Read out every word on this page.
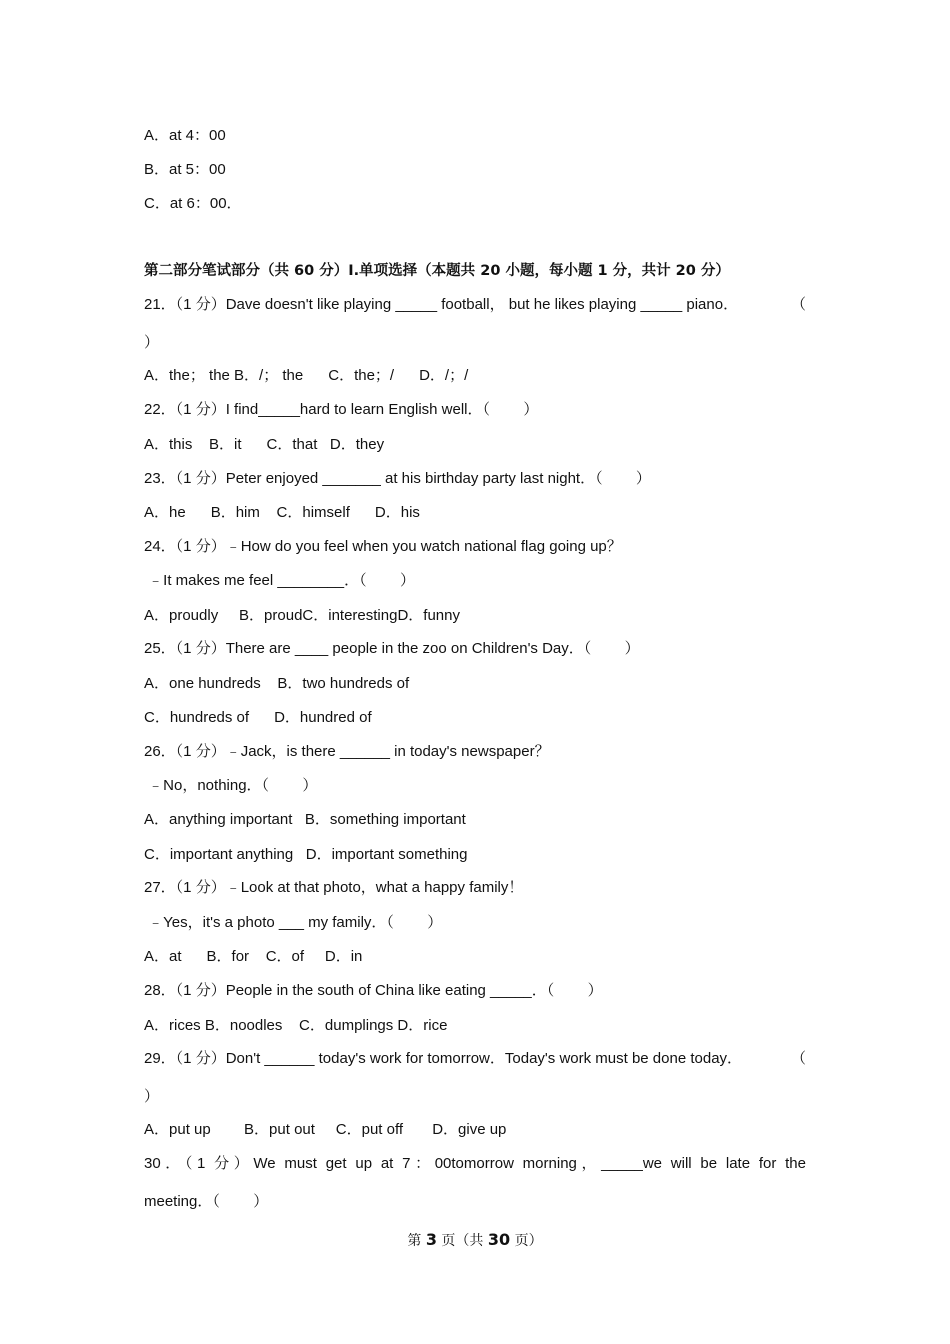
A．at 4：00
B．at 5：00
C．at 6：00．
第二部分笔试部分（共 60 分）I.单项选择（本题共 20 小题，每小题 1 分，共计 20 分）
21．（1 分）Dave doesn't like playing _____ football， but he likes playing _____ piano．	（
）
A．the； the B．/； the      C．the；/      D．/；/
22．（1 分）I find_____hard to learn English well．（        ）
A．this    B．it      C．that   D．they
23．（1 分）Peter enjoyed _______ at his birthday party last night．（        ）
A．he      B．him    C．himself      D．his
24．（1 分）﹣How do you feel when you watch national flag going up？
﹣It makes me feel ________．（        ）
A．proudly     B．proudC．interestingD．funny
25．（1 分）There are ____ people in the zoo on Children's Day．（        ）
A．one hundreds    B．two hundreds of
C．hundreds of      D．hundred of
26．（1 分）﹣Jack，is there ______ in today's newspaper？
﹣No，nothing．（        ）
A．anything important   B．something important
C．important anything   D．important something
27．（1 分）﹣Look at that photo，what a happy family！
﹣Yes，it's a photo ___ my family．（        ）
A．at      B．for    C．of     D．in
28．（1 分）People in the south of China like eating _____．（        ）
A．rices B．noodles    C．dumplings D．rice
29．（1 分）Don't ______ today's work for tomorrow．Today's work must be done today．	（
）
A．put up        B．put out     C．put off       D．give up
30．（1 分）We must get up at 7：00tomorrow morning，_____we will be late for the
meeting．（        ）
第 3 页（共 30 页）
